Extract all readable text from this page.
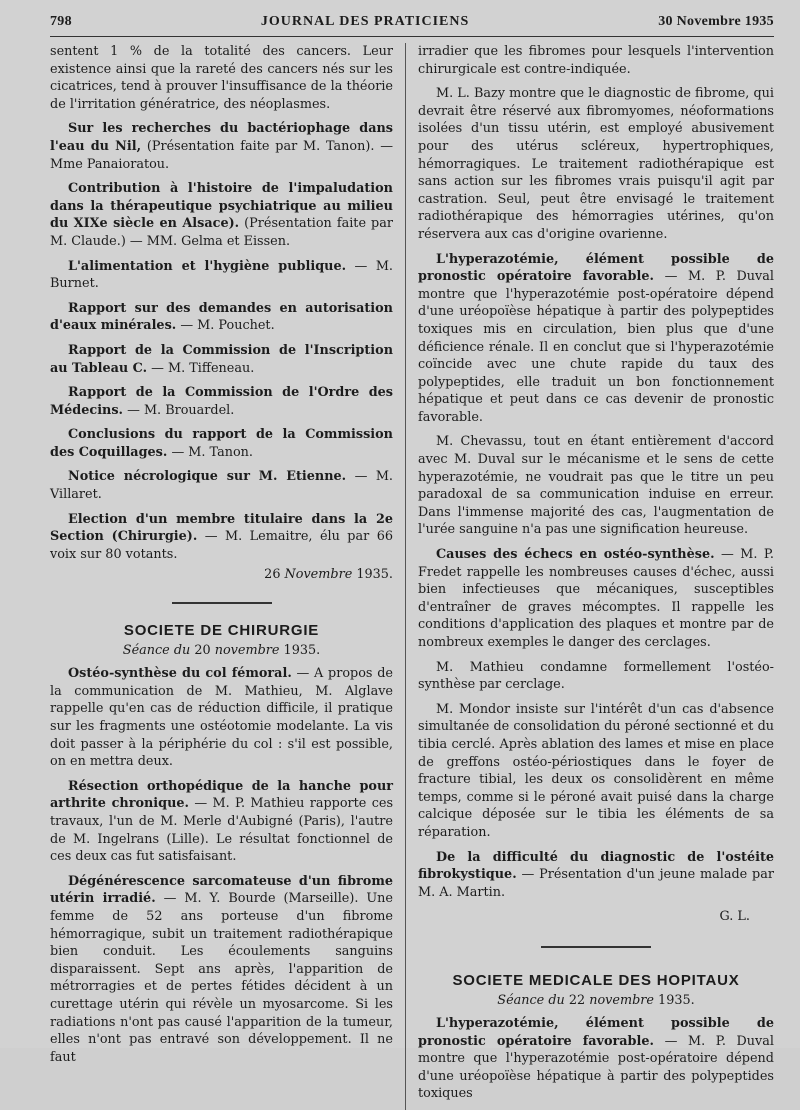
798	JOURNAL DES PRATICIENS	30 Novembre 1935

sentent 1 % de la totalité des cancers. Leur existence ainsi que la rareté des cancers nés sur les cicatrices, tend à prouver l'insuffisance de la théorie de l'irritation génératrice, des néoplasmes.

Sur les recherches du bactériophage dans l'eau du Nil, (Présentation faite par M. Tanon). — Mme Panaioratou.

Contribution à l'histoire de l'impaludation dans la thérapeutique psychiatrique au milieu du XIXe siècle en Alsace). (Présentation faite par M. Claude.) — MM. Gelma et Eissen.

L'alimentation et l'hygiène publique. — M. Burnet.

Rapport sur des demandes en autorisation d'eaux minérales. — M. Pouchet.

Rapport de la Commission de l'Inscription au Tableau C. — M. Tiffeneau.

Rapport de la Commission de l'Ordre des Médecins. — M. Brouardel.

Conclusions du rapport de la Commission des Coquillages. — M. Tanon.

Notice nécrologique sur M. Etienne. — M. Villaret.

Election d'un membre titulaire dans la 2e Section (Chirurgie). — M. Lemaitre, élu par 66 voix sur 80 votants.

26 Novembre 1935.

SOCIETE DE CHIRURGIE
Séance du 20 novembre 1935.

Ostéo-synthèse du col fémoral. — A propos de la communication de M. Mathieu, M. Alglave rappelle qu'en cas de réduction difficile, il pratique sur les fragments une ostéotomie modelante. La vis doit passer à la périphérie du col : s'il est possible, on en mettra deux.

Résection orthopédique de la hanche pour arthrite chronique. — M. P. Mathieu rapporte ces travaux, l'un de M. Merle d'Aubigné (Paris), l'autre de M. Ingelrans (Lille). Le résultat fonctionnel de ces deux cas fut satisfaisant.

Dégénérescence sarcomateuse d'un fibrome utérin irradié. — M. Y. Bourde (Marseille). Une femme de 52 ans porteuse d'un fibrome hémorragique, subit un traitement radiothérapique bien conduit. Les écoulements sanguins disparaissent. Sept ans après, l'apparition de métrorragies et de pertes fétides décident à un curettage utérin qui révèle un myosarcome. Si les radiations n'ont pas causé l'apparition de la tumeur, elles n'ont pas entravé son développement. Il ne faut

irradier que les fibromes pour lesquels l'intervention chirurgicale est contre-indiquée.

M. L. Bazy montre que le diagnostic de fibrome, qui devrait être réservé aux fibromyomes, néoformations isolées d'un tissu utérin, est employé abusivement pour des utérus scléreux, hypertrophiques, hémorragiques. Le traitement radiothérapique est sans action sur les fibromes vrais puisqu'il agit par castration. Seul, peut être envisagé le traitement radiothérapique des hémorragies utérines, qu'on réservera aux cas d'origine ovarienne.

L'hyperazotémie, élément possible de pronostic opératoire favorable. — M. P. Duval montre que l'hyperazotémie post-opératoire dépend d'une uréopoïèse hépatique à partir des polypeptides toxiques mis en circulation, bien plus que d'une déficience rénale. Il en conclut que si l'hyperazotémie coïncide avec une chute rapide du taux des polypeptides, elle traduit un bon fonctionnement hépatique et peut dans ce cas devenir de pronostic favorable.

M. Chevassu, tout en étant entièrement d'accord avec M. Duval sur le mécanisme et le sens de cette hyperazotémie, ne voudrait pas que le titre un peu paradoxal de sa communication induise en erreur. Dans l'immense majorité des cas, l'augmentation de l'urée sanguine n'a pas une signification heureuse.

Causes des échecs en ostéo-synthèse. — M. P. Fredet rappelle les nombreuses causes d'échec, aussi bien infectieuses que mécaniques, susceptibles d'entraîner de graves mécomptes. Il rappelle les conditions d'application des plaques et montre par de nombreux exemples le danger des cerclages.

M. Mathieu condamne formellement l'ostéo-synthèse par cerclage.

M. Mondor insiste sur l'intérêt d'un cas d'absence simultanée de consolidation du péroné sectionné et du tibia cerclé. Après ablation des lames et mise en place de greffons ostéo-périostiques dans le foyer de fracture tibial, les deux os consolidèrent en même temps, comme si le péroné avait puisé dans la charge calcique déposée sur le tibia les éléments de sa réparation.

De la difficulté du diagnostic de l'ostéite fibrokystique. — Présentation d'un jeune malade par M. A. Martin.

G. L.

SOCIETE MEDICALE DES HOPITAUX
Séance du 22 novembre 1935.

L'hyperazotémie, élément possible de pronostic opératoire favorable. — M. P. Duval montre que l'hyperazotémie post-opératoire dépend d'une uréopoïèse hépatique à partir des polypeptides toxiques
